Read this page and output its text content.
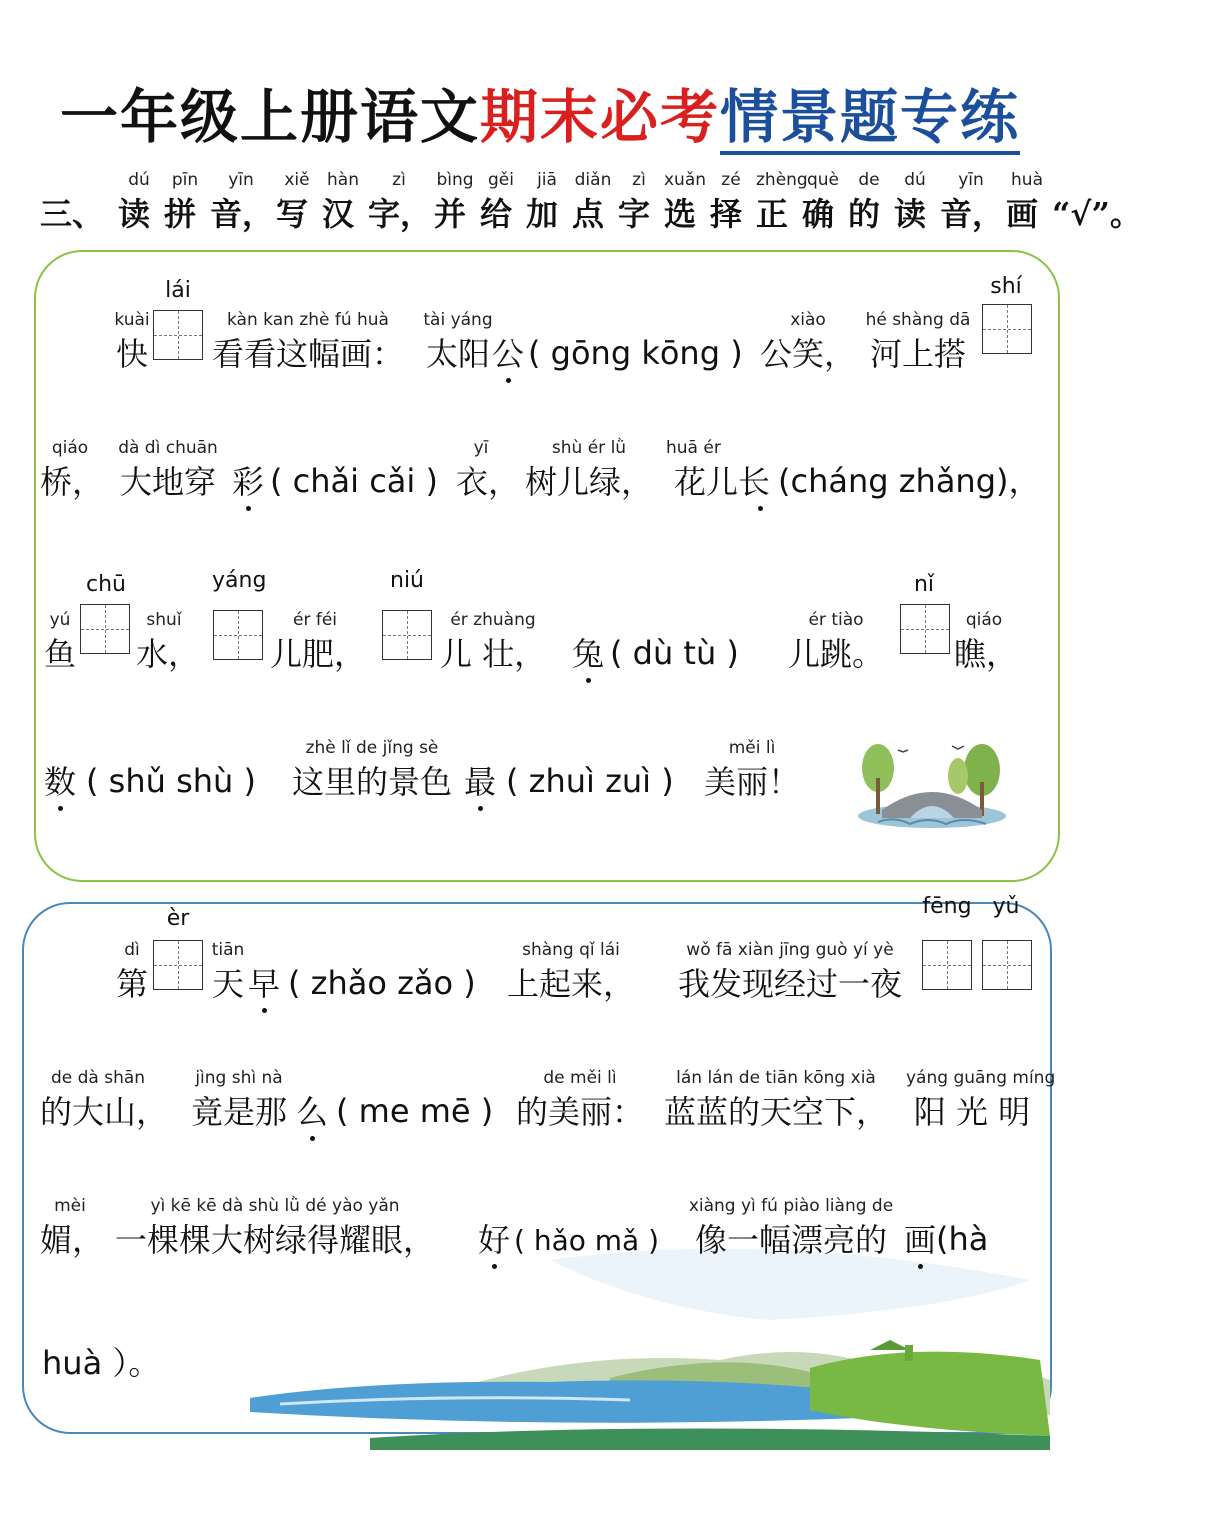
一年级上册语文期末必考情景题专练
三、
dú
读
pīn
拼
yīn
音，
xiě
写
hàn
汉
zì
字，
bìng
并
gěi
给
jiā
加
diǎn
点
zì
字
xuǎn
选
zé
择
zhèng
正
què
确
de
的
dú
读
yīn
音，
huà
画 “√”。
kuài
快
lái
kàn kan zhè fú huà
看看这幅画：
tài yáng
太阳 公 ( gōng kōng )
xiào
公笑，
hé shàng dā
河上搭
shí
qiáo
桥，
dà dì chuān
大地穿 彩 ( chǎi cǎi )
yī
衣，
shù ér lǜ
树儿绿，
huā ér
花儿长 (cháng zhǎng)，
yú
鱼
chū
shuǐ
水，
yáng
ér féi
儿肥，
niú
ér zhuàng
儿 壮， 兔 ( dù tù )
ér tiào
儿跳。
nǐ
qiáo
瞧，
数 ( shǔ shù )
zhè lǐ de jǐng sè
这里的景色 最 ( zhuì zuì )
měi lì
美丽！
dì
第
èr
tiān
天 早 ( zhǎo zǎo )
shàng qǐ lái
上起来，
wǒ fā xiàn jīng guò yí yè
我发现经过一夜
fēng yǔ
de dà shān
的大山，
jìng shì nà
竟是那 么 ( me mē )
de měi lì
的美丽：
lán lán de tiān kōng xià
蓝蓝的天空下，
yáng guāng míng
阳 光 明
mèi
媚，
yì kē kē dà shù lǜ dé yào yǎn
一棵棵大树绿得耀眼， 好 ( hǎo mǎ )
xiàng yì fú piào liàng de
像一幅漂亮的 画 (hà
huà ）。
